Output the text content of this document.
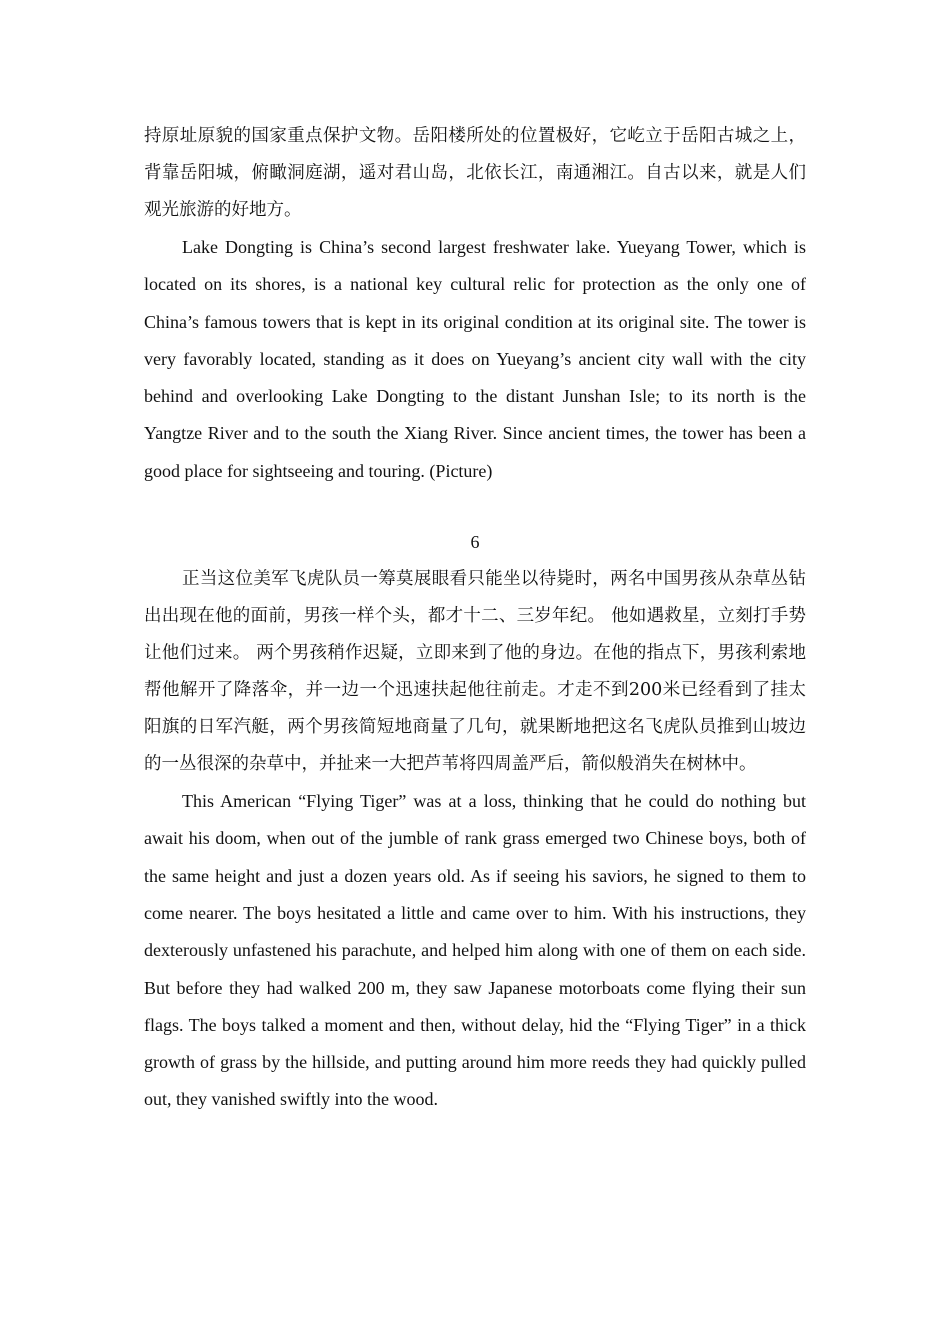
持原址原貌的国家重点保护文物。岳阳楼所处的位置极好，它屹立于岳阳古城之上，背靠岳阳城，俯瞰洞庭湖，遥对君山岛，北依长江，南通湘江。自古以来，就是人们观光旅游的好地方。

Lake Dongting is China’s second largest freshwater lake. Yueyang Tower, which is located on its shores, is a national key cultural relic for protection as the only one of China’s famous towers that is kept in its original condition at its original site. The tower is very favorably located, standing as it does on Yueyang’s ancient city wall with the city behind and overlooking Lake Dongting to the distant Junshan Isle; to its north is the Yangtze River and to the south the Xiang River. Since ancient times, the tower has been a good place for sightseeing and touring. (Picture)

6

正当这位美军飞虎队员一筹莫展眼看只能坐以待毙时，两名中国男孩从杂草丛钻出出现在他的面前，男孩一样个头，都才十二、三岁年纪。 他如遇救星，立刻打手势让他们过来。 两个男孩稍作迟疑，立即来到了他的身边。在他的指点下，男孩利索地帮他解开了降落伞，并一边一个迅速扶起他往前走。才走不到200米已经看到了挂太阳旗的日军汽艇，两个男孩简短地商量了几句，就果断地把这名飞虎队员推到山坡边的一丛很深的杂草中，并扯来一大把芦苇将四周盖严后，箭似般消失在树林中。

This American “Flying Tiger” was at a loss, thinking that he could do nothing but await his doom, when out of the jumble of rank grass emerged two Chinese boys, both of the same height and just a dozen years old. As if seeing his saviors, he signed to them to come nearer. The boys hesitated a little and came over to him. With his instructions, they dexterously unfastened his parachute, and helped him along with one of them on each side. But before they had walked 200 m, they saw Japanese motorboats come flying their sun flags. The boys talked a moment and then, without delay, hid the “Flying Tiger” in a thick growth of grass by the hillside, and putting around him more reeds they had quickly pulled out, they vanished swiftly into the wood.
